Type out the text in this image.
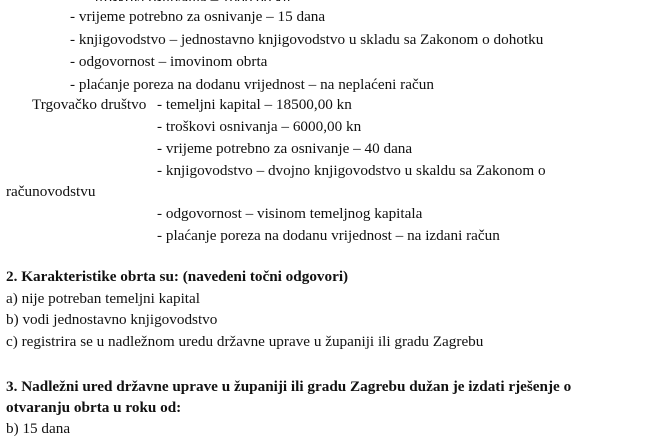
- vrijeme potrebno za osnivanje – 15 dana
- knjigovodstvo – jednostavno knjigovodstvo u skladu sa Zakonom o dohotku
- odgovornost – imovinom obrta
- plaćanje poreza na dodanu vrijednost – na neplaćeni račun
Trgovačko društvo - temeljni kapital – 18500,00 kn
- troškovi osnivanja – 6000,00 kn
- vrijeme potrebno za osnivanje – 40 dana
- knjigovodstvo – dvojno knjigovodstvo u skaldu sa Zakonom o
računovodstvu
- odgovornost – visinom temeljnog kapitala
- plaćanje poreza na dodanu vrijednost – na izdani račun
2. Karakteristike obrta su: (navedeni točni odgovori)
a) nije potreban temeljni kapital
b) vodi jednostavno knjigovodstvo
c) registrira se u nadležnom uredu državne uprave u županiji ili gradu Zagrebu
3. Nadležni ured državne uprave u županiji ili gradu Zagrebu dužan je izdati rješenje o
otvaranju obrta u roku od:
b) 15 dana
